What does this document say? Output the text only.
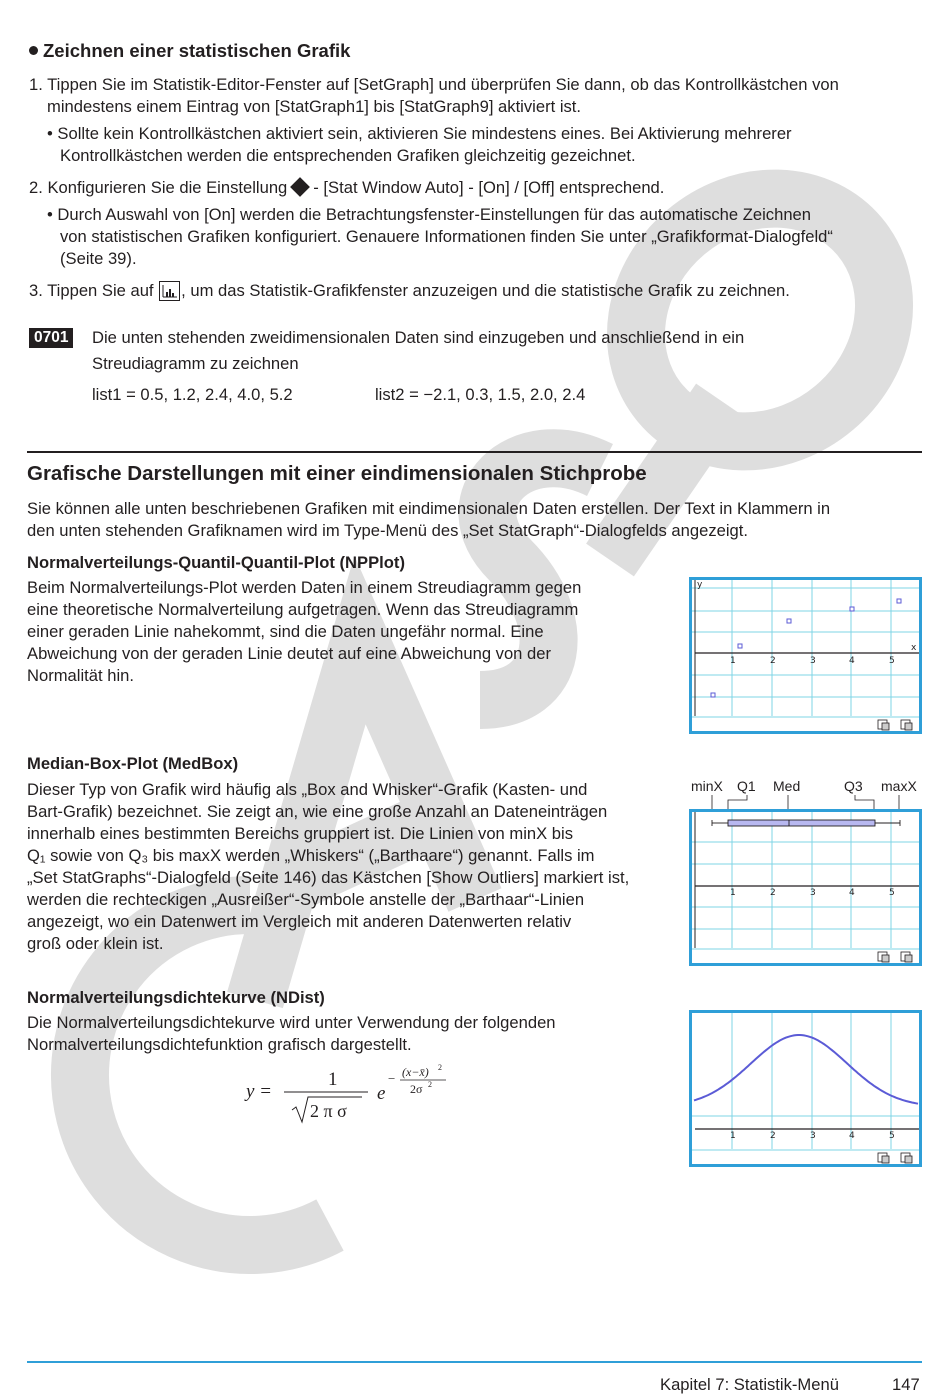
Zeichnen einer statistischen Grafik
1. Tippen Sie im Statistik-Editor-Fenster auf [SetGraph] und überprüfen Sie dann, ob das Kontrollkästchen von
mindestens einem Eintrag von [StatGraph1] bis [StatGraph9] aktiviert ist.
• Sollte kein Kontrollkästchen aktiviert sein, aktivieren Sie mindestens eines. Bei Aktivierung mehrerer
Kontrollkästchen werden die entsprechenden Grafiken gleichzeitig gezeichnet.
2. Konfigurieren Sie die Einstellung - [Stat Window Auto] - [On] / [Off] entsprechend.
• Durch Auswahl von [On] werden die Betrachtungsfenster-Einstellungen für das automatische Zeichnen
von statistischen Grafiken konfiguriert. Genauere Informationen finden Sie unter „Grafikformat-Dialogfeld“
(Seite 39).
3. Tippen Sie auf , um das Statistik-Grafikfenster anzuzeigen und die statistische Grafik zu zeichnen.
0701	Die unten stehenden zweidimensionalen Daten sind einzugeben und anschließend in ein
Streudiagramm zu zeichnen
list1 = 0.5, 1.2, 2.4, 4.0, 5.2	list2 = −2.1, 0.3, 1.5, 2.0, 2.4
Grafische Darstellungen mit einer eindimensionalen Stichprobe
Sie können alle unten beschriebenen Grafiken mit eindimensionalen Daten erstellen. Der Text in Klammern in
den unten stehenden Grafiknamen wird im Type-Menü des „Set StatGraph“-Dialogfelds angezeigt.
Normalverteilungs-Quantil-Quantil-Plot (NPPlot)
Beim Normalverteilungs-Plot werden Daten in einem Streudiagramm gegen
eine theoretische Normalverteilung aufgetragen. Wenn das Streudiagramm
einer geraden Linie nahekommt, sind die Daten ungefähr normal. Eine
Abweichung von der geraden Linie deutet auf eine Abweichung von der
Normalität hin.
y
x
1	2	3	4	5
Median-Box-Plot (MedBox)
Dieser Typ von Grafik wird häufig als „Box and Whisker“-Grafik (Kasten- und
Bart-Grafik) bezeichnet. Sie zeigt an, wie eine große Anzahl an Dateneinträgen
innerhalb eines bestimmten Bereichs gruppiert ist. Die Linien von minX bis
Q₁ sowie von Q₃ bis maxX werden „Whiskers“ („Barthaare“) genannt. Falls im
„Set StatGraphs“-Dialogfeld (Seite 146) das Kästchen [Show Outliers] markiert ist,
werden die rechteckigen „Ausreißer“-Symbole anstelle der „Barthaar“-Linien
angezeigt, wo ein Datenwert im Vergleich mit anderen Datenwerten relativ
groß oder klein ist.
minX Q1 Med	Q3 maxX
1	2	3	4	5
Normalverteilungsdichtekurve (NDist)
Die Normalverteilungsdichtekurve wird unter Verwendung der folgenden
Normalverteilungsdichtefunktion grafisch dargestellt.
y =
1
2 π σ
e
− (x−x̄) 2
2σ 2
1	2	3	4	5
Kapitel 7: Statistik-Menü	147
